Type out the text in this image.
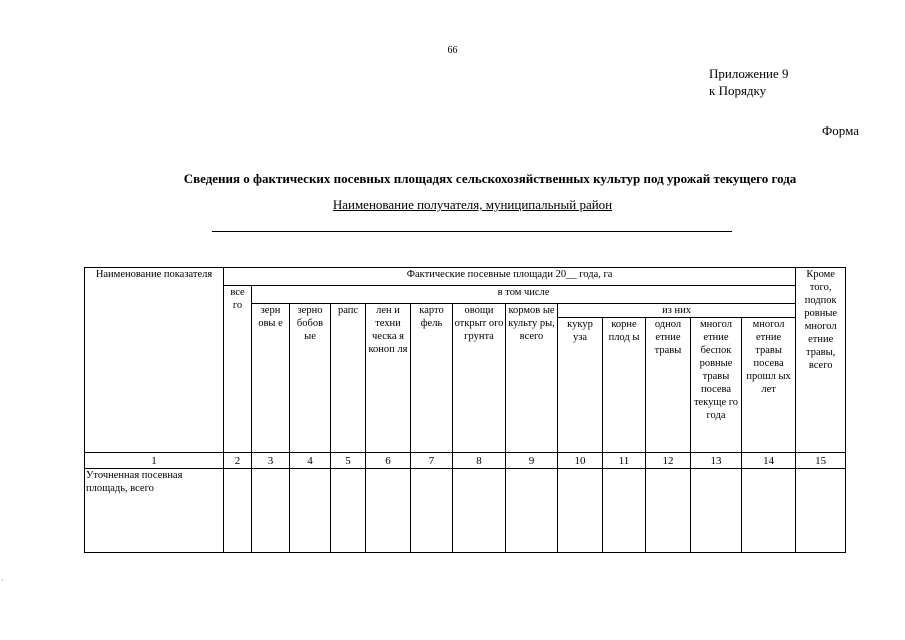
66
Приложение 9
к Порядку
Форма
Сведения о фактических посевных площадях сельскохозяйственных культур под урожай текущего года
Наименование получателя, муниципальный район
·
Наименование показателя	Фактические посевные площади 20__ года, га													Кроме того, подпок ровные многол етние травы, всего
	все го	в том числе												
		зерн овы е	зерно бобов ые	рапс	лен и техни ческа я коноп ля	карто фель	овощи открыт ого грунта	кормов ые культу ры, всего	из них					
									кукур уза	корне плод ы	однол етние травы	многол етние беспок ровные травы посева текуще го года	многол етние травы посева прошл ых лет	
1	2	3	4	5	6	7	8	9	10	11	12	13	14	15
Уточненная посевная площадь, всего														
